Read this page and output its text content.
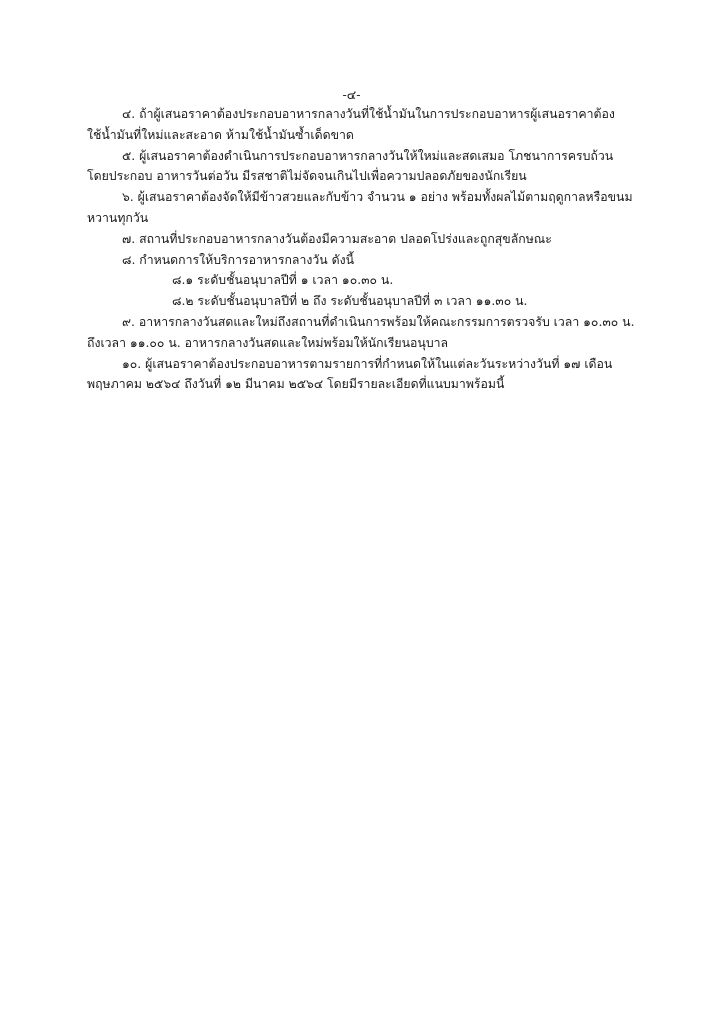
-๔-
๔. ถ้าผู้เสนอราคาต้องประกอบอาหารกลางวันที่ใช้น้ำมันในการประกอบอาหารผู้เสนอราคาต้อง
ใช้น้ำมันที่ใหม่และสะอาด ห้ามใช้น้ำมันซ้ำเด็ดขาด
๕. ผู้เสนอราคาต้องดำเนินการประกอบอาหารกลางวันให้ใหม่และสดเสมอ โภชนาการครบถ้วน
โดยประกอบ อาหารวันต่อวัน มีรสชาติไม่จัดจนเกินไปเพื่อความปลอดภัยของนักเรียน
๖. ผู้เสนอราคาต้องจัดให้มีข้าวสวยและกับข้าว จำนวน ๑ อย่าง พร้อมทั้งผลไม้ตามฤดูกาลหรือขนม
หวานทุกวัน
๗. สถานที่ประกอบอาหารกลางวันต้องมีความสะอาด ปลอดโปร่งและถูกสุขลักษณะ
๘. กำหนดการให้บริการอาหารกลางวัน ดังนี้
๘.๑ ระดับชั้นอนุบาลปีที่ ๑ เวลา ๑๐.๓๐ น.
๘.๒ ระดับชั้นอนุบาลปีที่ ๒ ถึง ระดับชั้นอนุบาลปีที่ ๓ เวลา ๑๑.๓๐ น.
๙. อาหารกลางวันสดและใหม่ถึงสถานที่ดำเนินการพร้อมให้คณะกรรมการตรวจรับ เวลา ๑๐.๓๐ น.
ถึงเวลา ๑๑.๐๐ น. อาหารกลางวันสดและใหม่พร้อมให้นักเรียนอนุบาล
๑๐. ผู้เสนอราคาต้องประกอบอาหารตามรายการที่กำหนดให้ในแต่ละวันระหว่างวันที่ ๑๗ เดือน
พฤษภาคม ๒๕๖๔ ถึงวันที่ ๑๒ มีนาคม ๒๕๖๔ โดยมีรายละเอียดที่แนบมาพร้อมนี้
